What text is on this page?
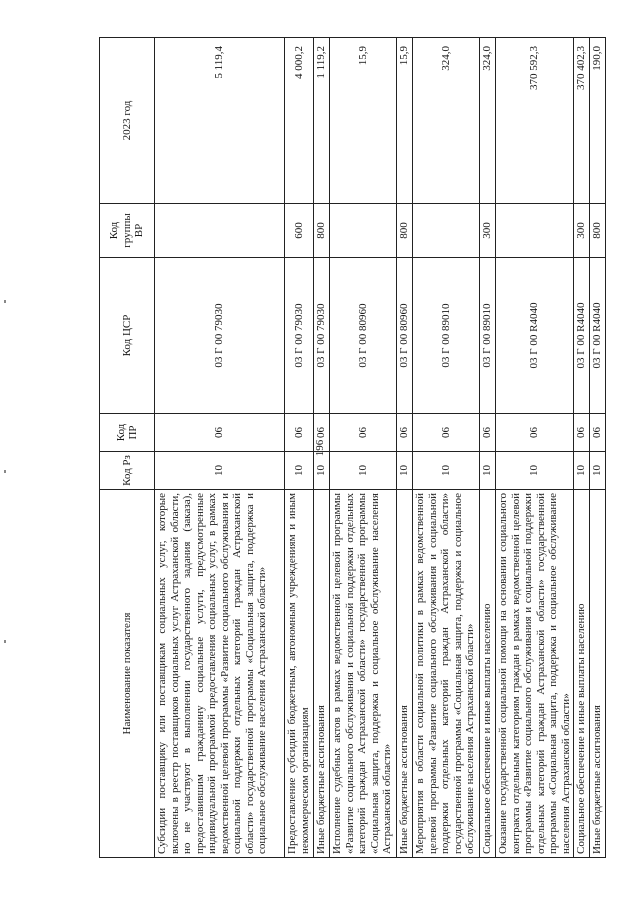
196
Наименование показателя	Код Рз	Код ПР	Код ЦСР	Код группы ВР	2023 год
Субсидии поставщику или поставщикам социальных услуг, которые включены в реестр поставщиков социальных услуг Астраханской области, но не участвуют в выполнении государственного задания (заказа), предоставившим гражданину социальные услуги, предусмотренные индивидуальной программой предоставления социальных услуг, в рамках ведомственной целевой программы «Развитие социального обслуживания и социальной поддержки отдельных категорий граждан Астраханской области» государственной программы «Социальная защита, поддержка и социальное обслуживание населения Астраханской области»	10	06	03 Г 00 79030		5 119,4
Предоставление субсидий бюджетным, автономным учреждениям и иным некоммерческим организациям	10	06	03 Г 00 79030	600	4 000,2
Иные бюджетные ассигнования	10	06	03 Г 00 79030	800	1 119,2
Исполнение судебных актов в рамках ведомственной целевой программы «Развитие социального обслуживания и социальной поддержки отдельных категорий граждан Астраханской области» государственной программы «Социальная защита, поддержка и социальное обслуживание населения Астраханской области»	10	06	03 Г 00 80960		15,9
Иные бюджетные ассигнования	10	06	03 Г 00 80960	800	15,9
Мероприятия в области социальной политики в рамках ведомственной целевой программы «Развитие социального обслуживания и социальной поддержки отдельных категорий граждан Астраханской области» государственной программы «Социальная защита, поддержка и социальное обслуживание населения Астраханской области»	10	06	03 Г 00 89010		324,0
Социальное обеспечение и иные выплаты населению	10	06	03 Г 00 89010	300	324,0
Оказание государственной социальной помощи на основании социального контракта отдельным категориям граждан в рамках ведомственной целевой программы «Развитие социального обслуживания и социальной поддержки отдельных категорий граждан Астраханской области» государственной программы «Социальная защита, поддержка и социальное обслуживание населения Астраханской области»	10	06	03 Г 00 R4040		370 592,3
Социальное обеспечение и иные выплаты населению	10	06	03 Г 00 R4040	300	370 402,3
Иные бюджетные ассигнования	10	06	03 Г 00 R4040	800	190,0
